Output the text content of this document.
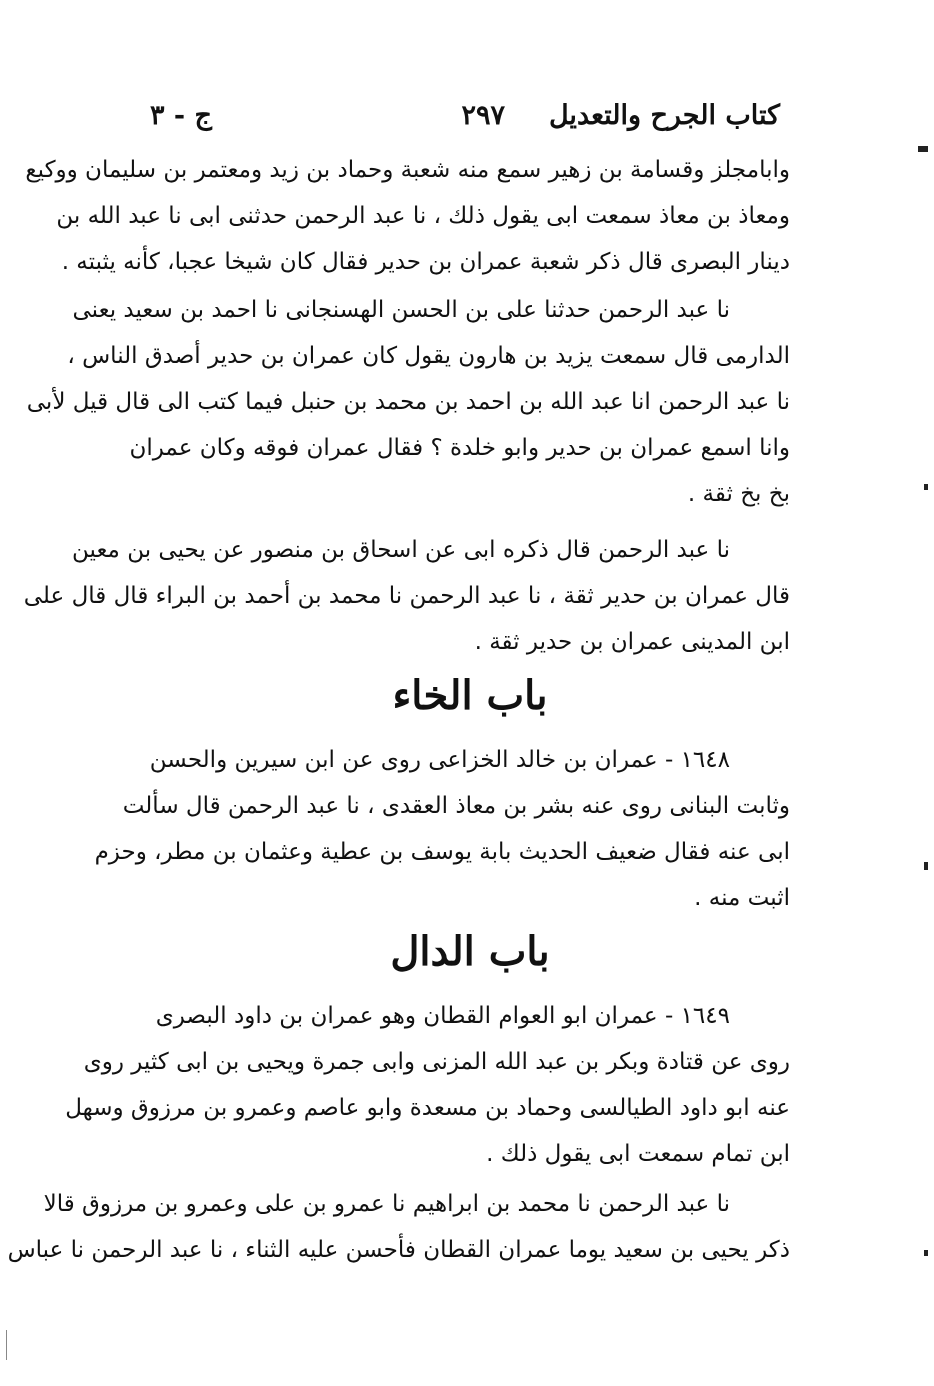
كتاب الجرح والتعديل
٢٩٧
ج - ٣
وابامجلز وقسامة بن زهير سمع منه شعبة وحماد بن زيد ومعتمر بن سليمان ووكيع
ومعاذ بن معاذ سمعت ابى يقول ذلك ، نا عبد الرحمن حدثنى ابى نا عبد الله بن
دينار البصرى قال ذكر شعبة عمران بن حدير فقال كان شيخا عجبا، كأنه يثبته .
نا عبد الرحمن حدثنا على بن الحسن الهسنجانى نا احمد بن سعيد يعنى
الدارمى قال سمعت يزيد بن هارون يقول كان عمران بن حدير أصدق الناس ،
نا عبد الرحمن انا عبد الله بن احمد بن محمد بن حنبل فيما كتب الى قال قيل لأبى
وانا اسمع عمران بن حدير وابو خلدة ؟ فقال عمران فوقه وكان عمران
بخ بخ ثقة .
نا عبد الرحمن قال ذكره ابى عن اسحاق بن منصور عن يحيى بن معين
قال عمران بن حدير ثقة ، نا عبد الرحمن نا محمد بن أحمد بن البراء قال قال على
ابن المدينى عمران بن حدير ثقة .
باب الخاء
١٦٤٨ - عمران بن خالد الخزاعى روى عن ابن سيرين والحسن
وثابت البنانى روى عنه بشر بن معاذ العقدى ، نا عبد الرحمن قال سألت
ابى عنه فقال ضعيف الحديث بابة يوسف بن عطية وعثمان بن مطر، وحزم
اثبت منه .
باب الدال
١٦٤٩ - عمران ابو العوام القطان وهو عمران بن داود البصرى
روى عن قتادة وبكر بن عبد الله المزنى وابى جمرة ويحيى بن ابى كثير روى
عنه ابو داود الطيالسى وحماد بن مسعدة وابو عاصم وعمرو بن مرزوق وسهل
ابن تمام سمعت ابى يقول ذلك .
نا عبد الرحمن نا محمد بن ابراهيم نا عمرو بن على وعمرو بن مرزوق قالا
ذكر يحيى بن سعيد يوما عمران القطان فأحسن عليه الثناء ، نا عبد الرحمن نا عباس
